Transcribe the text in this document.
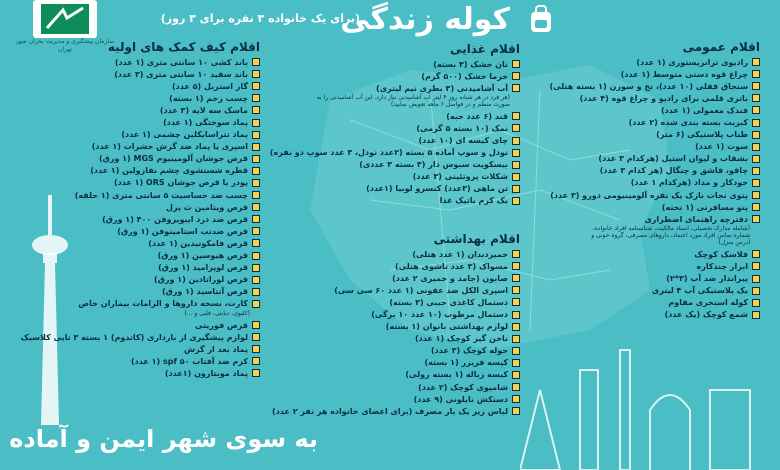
کوله زندگی
(برای یک خانواده ۳ نفره برای ۳ روز)
سازمان پیشگیری و مدیریت بحران شهر تهران	اقلام عمومی
رادیوی ترانزیستوری (۱ عدد)
چراغ قوه دستی متوسط (۱ عدد)
سنجاق قفلی (۱۰ عدد)، نخ و سوزن (۱ بسته هتلی)
باتری قلمی برای رادیو و چراغ قوه (۴ عدد)
فندک معمولی (۱ عدد)
کبریت بسته بندی شده (۲ عدد)
طناب پلاستیکی (۶ متر)
سوت (۱ عدد)
بشقاب و لیوان استیل (هرکدام ۳ عدد)
چاقو، قاشق و چنگال (هر کدام ۳ عدد)
خودکار و مداد (هرکدام ۱ عدد)
پتوی نجات نازک یک نفره آلومینیومی دورو (۳ عدد)
پتو مسافرتی (۱ تخته)
دفترچه راهنمای اضطراری
(شامله مدارک تحصیلی، اسناد مالکیت، شناسنامه افراد خانواده، شماره تماس افراد مورد اعتماد، داروهای مصرفی، گروه خونی و آدرس منزل)
فلاسک کوچک
ابزار چندکاره
پیراندار ضد آب (۳*۲)
یک پلاستیکی آب ۴ لیتری
کوله استخری مقاوم
شمع کوچک (یک عدد)
اقلام غذایی
نان خشک (۳ بسته)
خرما خشک (۵۰۰ گرم)
آب آشامیدنی (۳ بطری نیم لیتری)
(هر فرد در هر شبانه روز ۴ لیتر آب آشامیدنی نیاز دارد. این آب آشامیدنی را به صورت منظم و در فواصل ۶ ماهه تعویض نمایید)
قند (۶ عدد حبه)
نمک (۱۰ بسته ۵ گرمی)
چای کیسه ای (۱۰ عدد)
نودل و سوپ آماده ۵ بسته (۲عدد نودل، ۳ عدد سوپ دو نفره)
بیسکویت سبوس دار (۳ بسته ۳ عددی)
شکلات پروتئینی (۳ عدد)
تن ماهی (۳عدد) کنسرو لوبیا (۱عدد)
یک کرم باتیک غذا
اقلام بهداشتی
خمیردندان (۱ عدد هتلی)
مسواک (۳ عدد تاشوی هتلی)
صابون (جامد و خمیری ۲ عدد)
اسپری الکل ضد عفونی (۱ عدد ۶۰ سی سی)
دستمال کاغذی جیبی (۳ بسته)
دستمال مرطوب (۱۰ عدد ۱۰ برگی)
لوازم بهداشتی بانوان (۱ بسته)
ناخن گیر کوچک (۱ عدد)
حوله کوچک (۳ عدد)
کیسه فریزر (۱ بسته)
کیسه زباله (۱ بسته رولی)
شامپوی کوچک (۲ عدد)
دستکش نایلونی (۹ عدد)
لباس زیر یک بار مصرف (برای اعضای خانواده هر نفر ۲ عدد)
اقلام کیف کمک های اولیه
باند کشی ۱۰ سانتی متری (۱ عدد)
باند سفید ۱۰ سانتی متری (۳ عدد)
گاز استریل (۵ عدد)
چسب زخم (۱ بسته)
ماسک سه لایه (۳ عدد)
پماد سوختگی (۱ عدد)
پماد تتراسایکلین چشمی (۱ عدد)
اسپری یا پماد ضد گزش حشرات (۱ عدد)
قرص جوشان آلومینیوم MGS (۱ ورق)
قطره شستشوی چشم نفازولین (۱ عدد)
پودر یا قرص جوشان ORS (۱ عدد)
چسب ضد حساسیت ۵ سانتی متری (۱ حلقه)
قرص ویتامین ث پرل
قرص ضد درد ایبوپروفن ۴۰۰ (۱ ورق)
قرص ضدتب استامینوفن (۱ ورق)
قرص فامکوتیدین (۱ عدد)
قرص هیوسین (۱ ورق)
قرص لوپرامید (۱ ورق)
قرص لوراتادین (۱ ورق)
قرص آنتاسید (۱ ورق)
کارت، نسخه داروها و الزامات بیماران خاص
(کلیوی، دیابتی، قلبی و ...)
قرص فوریتی
لوازم پیشگیری از بارداری (کاندوم) ۱ بسته ۳ تایی کلاسیک
پماد بعد از گزش
کرم ضد آفتاب spf ۵۰ (۱ عدد)
پماد موبتازون (۱عدد)
به سوی شهر ایمن و آماده
